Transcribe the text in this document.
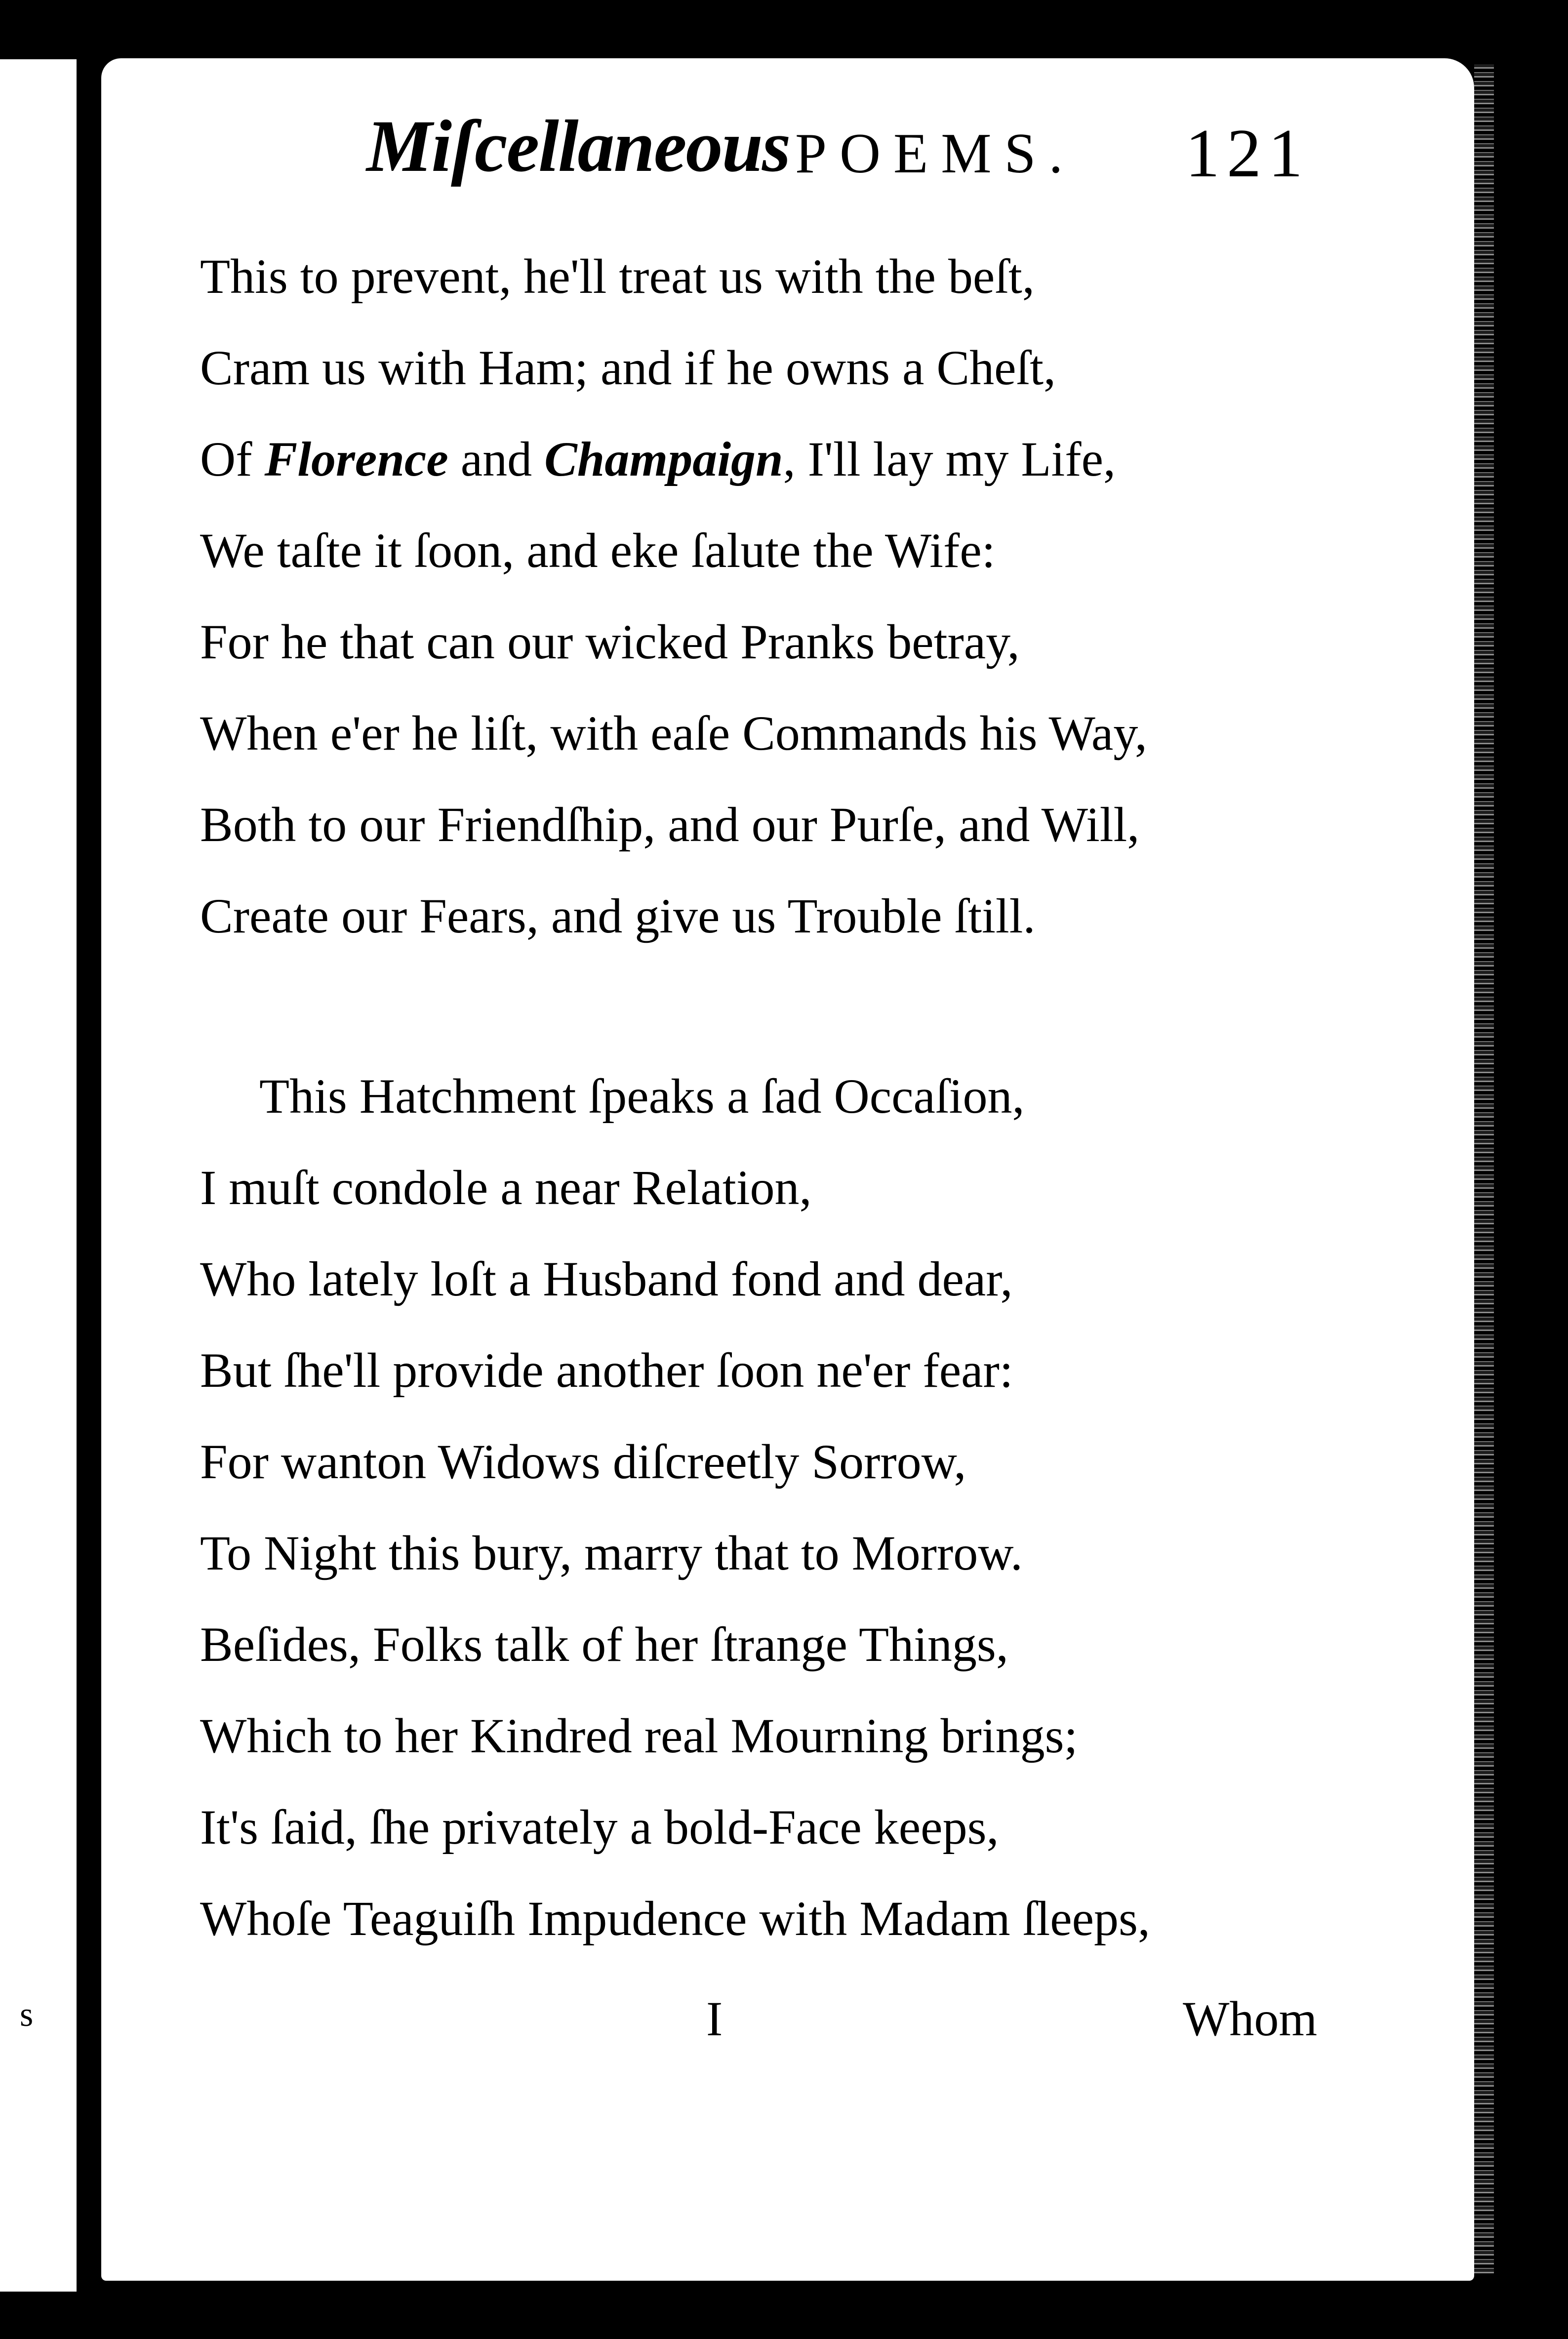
s
Miſcellaneous POEMS. 121
This to prevent, he'll treat us with the beſt,
Cram us with Ham; and if he owns a Cheſt,
Of Florence and Champaign, I'll lay my Life,
We taſte it ſoon, and eke ſalute the Wife:
For he that can our wicked Pranks betray,
When e'er he liſt, with eaſe Commands his Way,
Both to our Friendſhip, and our Purſe, and Will,
Create our Fears, and give us Trouble ſtill.
This Hatchment ſpeaks a ſad Occaſion,
I muſt condole a near Relation,
Who lately loſt a Husband fond and dear,
But ſhe'll provide another ſoon ne'er fear:
For wanton Widows diſcreetly Sorrow,
To Night this bury, marry that to Morrow.
Beſides, Folks talk of her ſtrange Things,
Which to her Kindred real Mourning brings;
It's ſaid, ſhe privately a bold-Face keeps,
Whoſe Teaguiſh Impudence with Madam ſleeps,
I	Whom
